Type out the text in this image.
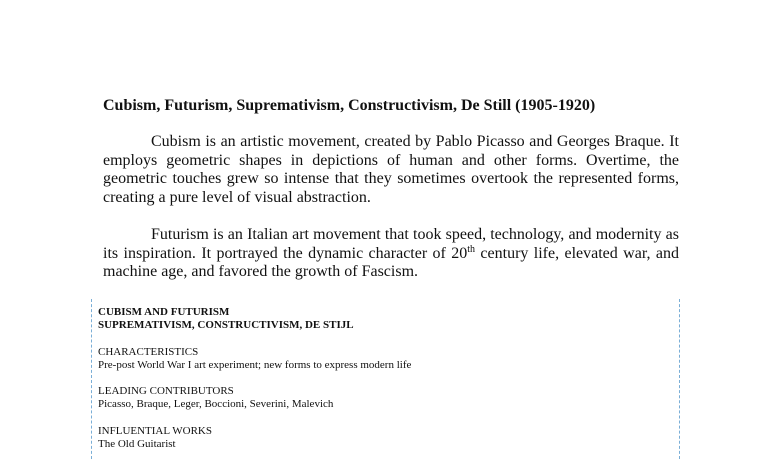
Cubism, Futurism, Supremativism, Constructivism, De Still (1905-1920)

Cubism is an artistic movement, created by Pablo Picasso and Georges Braque. It employs geometric shapes in depictions of human and other forms. Overtime, the geometric touches grew so intense that they sometimes overtook the represented forms, creating a pure level of visual abstraction.

Futurism is an Italian art movement that took speed, technology, and modernity as its inspiration. It portrayed the dynamic character of 20th century life, elevated war, and machine age, and favored the growth of Fascism.

CUBISM AND FUTURISM
SUPREMATIVISM, CONSTRUCTIVISM, DE STIJL
CHARACTERISTICS
Pre-post World War I art experiment; new forms to express modern life
LEADING CONTRIBUTORS
Picasso, Braque, Leger, Boccioni, Severini, Malevich
INFLUENTIAL WORKS
The Old Guitarist
